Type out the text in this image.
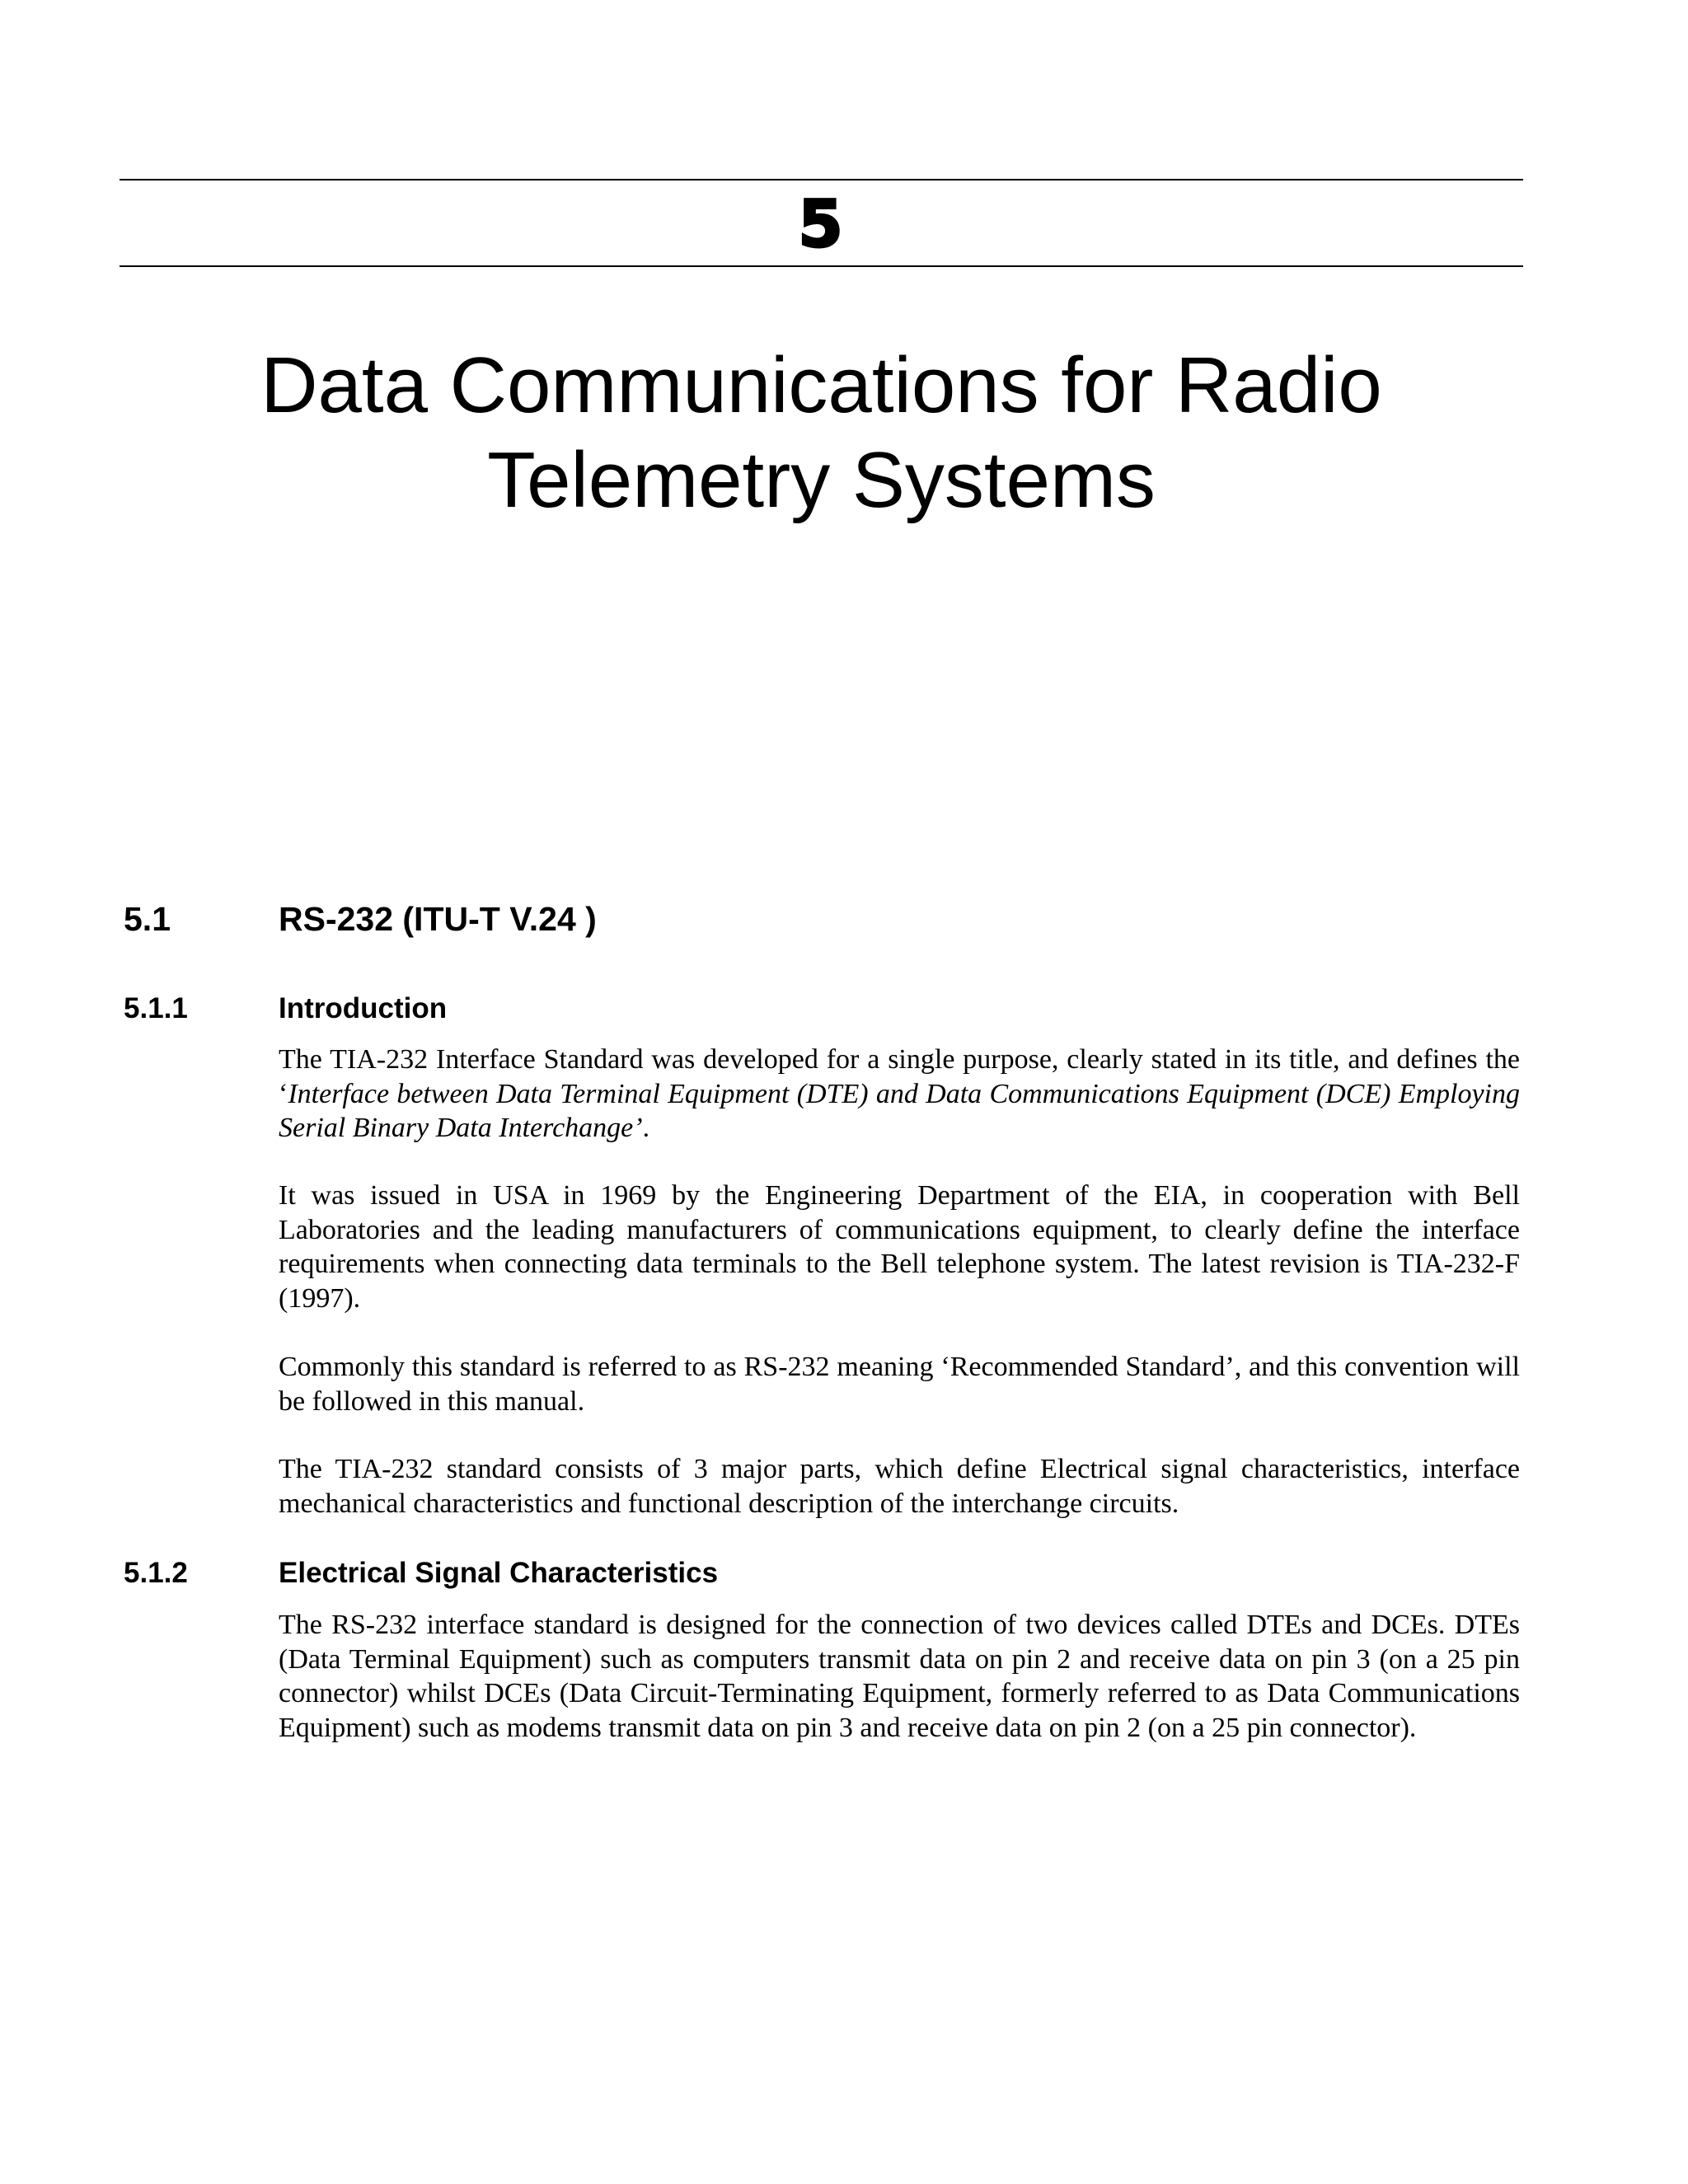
5
Data Communications for Radio
Telemetry Systems
5.1	RS-232 (ITU-T V.24 )
5.1.1	Introduction

The TIA-232 Interface Standard was developed for a single purpose, clearly stated in its title, and defines the ‘Interface between Data Terminal Equipment (DTE) and Data Communications Equipment (DCE) Employing Serial Binary Data Interchange’.

It was issued in USA in 1969 by the Engineering Department of the EIA, in cooperation with Bell Laboratories and the leading manufacturers of communications equipment, to clearly define the interface requirements when connecting data terminals to the Bell telephone system. The latest revision is TIA-232-F (1997).

Commonly this standard is referred to as RS-232 meaning ‘Recommended Standard’, and this convention will be followed in this manual.

The TIA-232 standard consists of 3 major parts, which define Electrical signal characteristics, interface mechanical characteristics and functional description of the interchange circuits.

5.1.2	Electrical Signal Characteristics

The RS-232 interface standard is designed for the connection of two devices called DTEs and DCEs. DTEs (Data Terminal Equipment) such as computers transmit data on pin 2 and receive data on pin 3 (on a 25 pin connector) whilst DCEs (Data Circuit-Terminating Equipment, formerly referred to as Data Communications Equipment) such as modems transmit data on pin 3 and receive data on pin 2 (on a 25 pin connector).
